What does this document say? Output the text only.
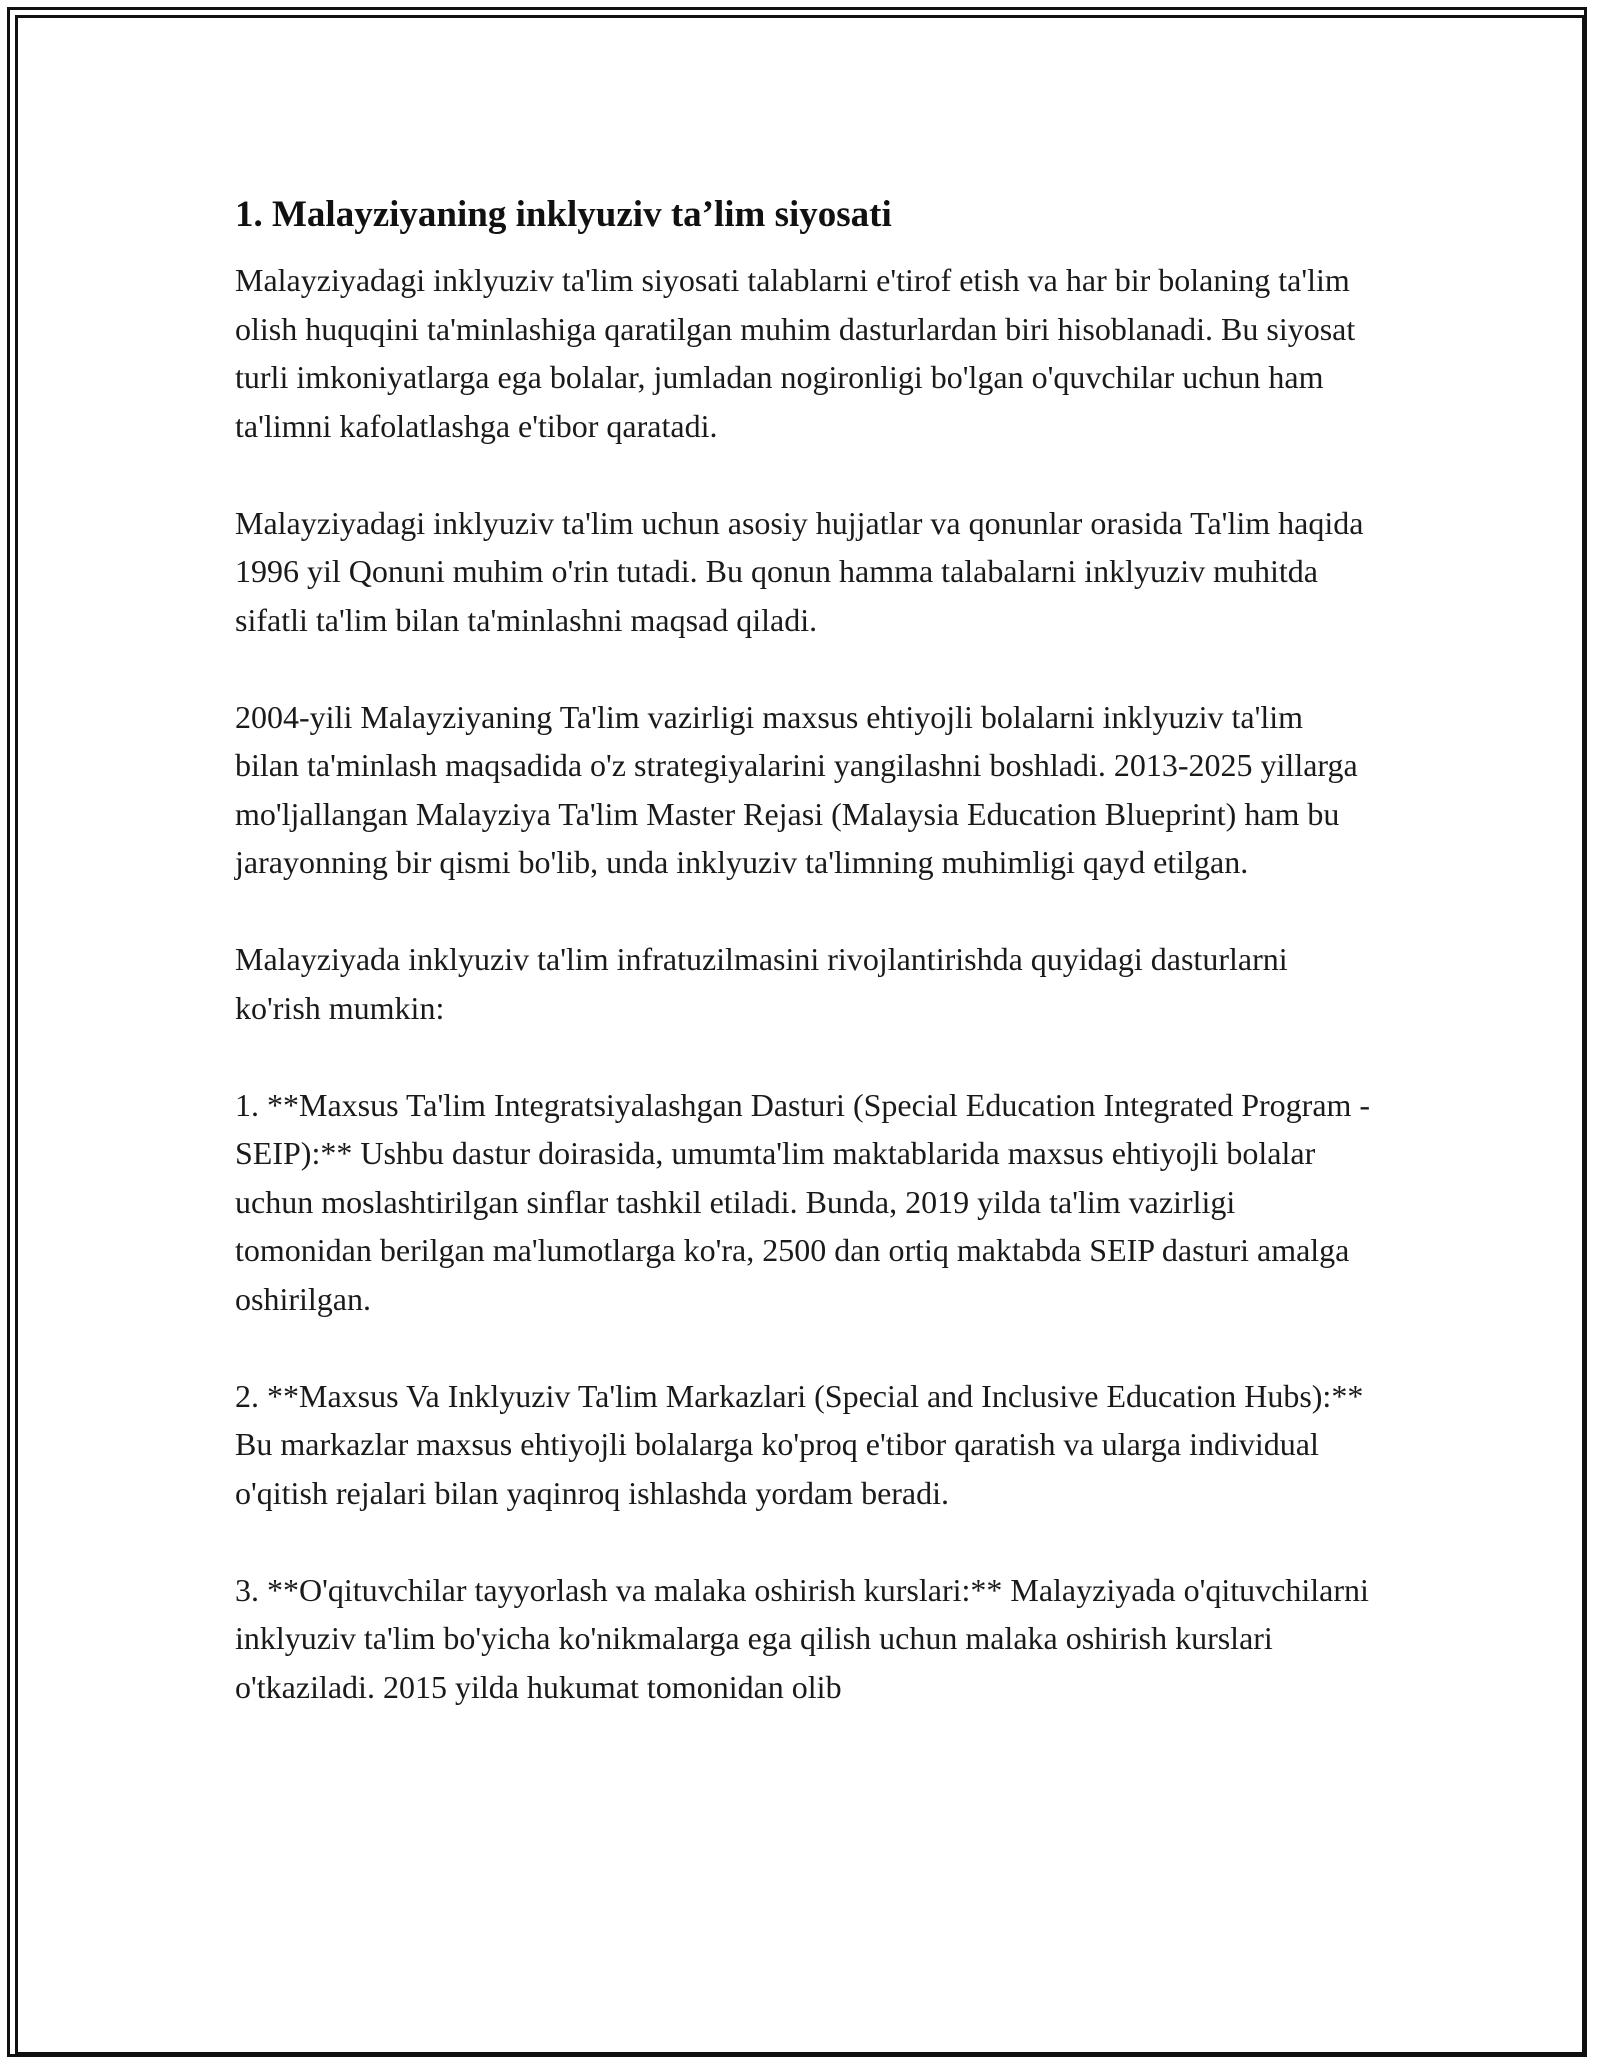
1. Malayziyaning inklyuziv ta’lim siyosati

Malayziyadagi inklyuziv ta'lim siyosati talablarni e'tirof etish va har bir bolaning ta'lim olish huquqini ta'minlashiga qaratilgan muhim dasturlardan biri hisoblanadi. Bu siyosat turli imkoniyatlarga ega bolalar, jumladan nogironligi bo'lgan o'quvchilar uchun ham ta'limni kafolatlashga e'tibor qaratadi.

Malayziyadagi inklyuziv ta'lim uchun asosiy hujjatlar va qonunlar orasida Ta'lim haqida 1996 yil Qonuni muhim o'rin tutadi. Bu qonun hamma talabalarni inklyuziv muhitda sifatli ta'lim bilan ta'minlashni maqsad qiladi.

2004-yili Malayziyaning Ta'lim vazirligi maxsus ehtiyojli bolalarni inklyuziv ta'lim bilan ta'minlash maqsadida o'z strategiyalarini yangilashni boshladi. 2013-2025 yillarga mo'ljallangan Malayziya Ta'lim Master Rejasi (Malaysia Education Blueprint) ham bu jarayonning bir qismi bo'lib, unda inklyuziv ta'limning muhimligi qayd etilgan.

Malayziyada inklyuziv ta'lim infratuzilmasini rivojlantirishda quyidagi dasturlarni ko'rish mumkin:

1. **Maxsus Ta'lim Integratsiyalashgan Dasturi (Special Education Integrated Program - SEIP):** Ushbu dastur doirasida, umumta'lim maktablarida maxsus ehtiyojli bolalar uchun moslashtirilgan sinflar tashkil etiladi. Bunda, 2019 yilda ta'lim vazirligi tomonidan berilgan ma'lumotlarga ko'ra, 2500 dan ortiq maktabda SEIP dasturi amalga oshirilgan.

2. **Maxsus Va Inklyuziv Ta'lim Markazlari (Special and Inclusive Education Hubs):** Bu markazlar maxsus ehtiyojli bolalarga ko'proq e'tibor qaratish va ularga individual o'qitish rejalari bilan yaqinroq ishlashda yordam beradi.

3. **O'qituvchilar tayyorlash va malaka oshirish kurslari:** Malayziyada o'qituvchilarni inklyuziv ta'lim bo'yicha ko'nikmalarga ega qilish uchun malaka oshirish kurslari o'tkaziladi. 2015 yilda hukumat tomonidan olib
